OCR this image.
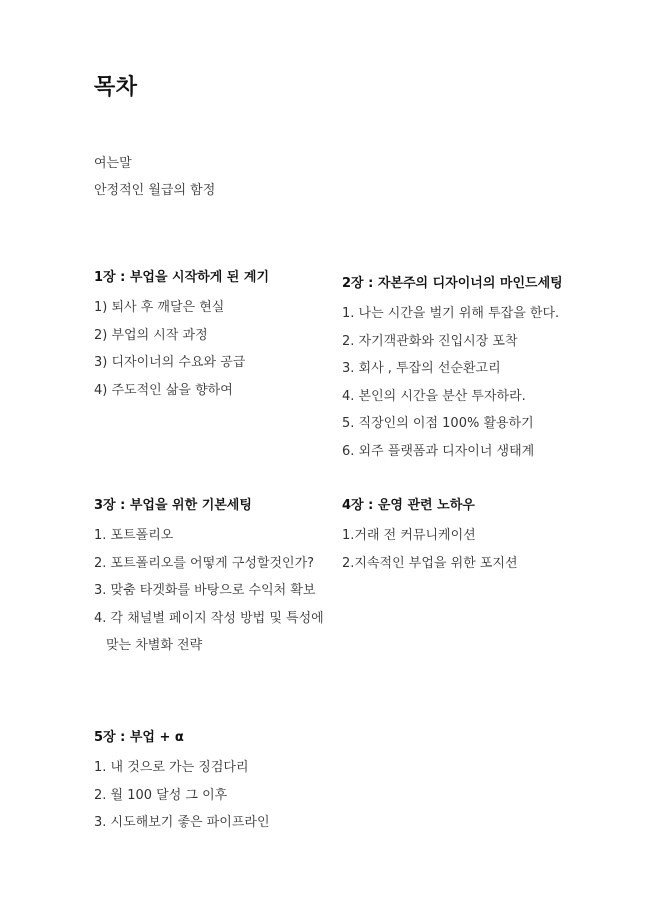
목차
여는말
안정적인 월급의 함정
1장 : 부업을 시작하게 된 계기
1) 퇴사 후 깨달은 현실
2) 부업의 시작 과정
3) 디자이너의 수요와 공급
4) 주도적인 삶을 향하여
2장 : 자본주의 디자이너의 마인드세팅
1. 나는 시간을 벌기 위해 투잡을 한다.
2. 자기객관화와 진입시장 포착
3. 회사 , 투잡의 선순환고리
4. 본인의 시간을 분산 투자하라.
5. 직장인의 이점 100% 활용하기
6. 외주 플랫폼과 디자이너 생태계
3장 : 부업을 위한 기본세팅
1. 포트폴리오
2. 포트폴리오를 어떻게 구성할것인가?
3. 맞춤 타겟화를 바탕으로 수익처 확보
4. 각 채널별 페이지 작성 방법 및 특성에
맞는 차별화 전략
4장 : 운영 관련 노하우
1.거래 전 커뮤니케이션
2.지속적인 부업을 위한 포지션
5장 : 부업 + α
1. 내 것으로 가는 징검다리
2. 월 100 달성 그 이후
3. 시도해보기 좋은 파이프라인
